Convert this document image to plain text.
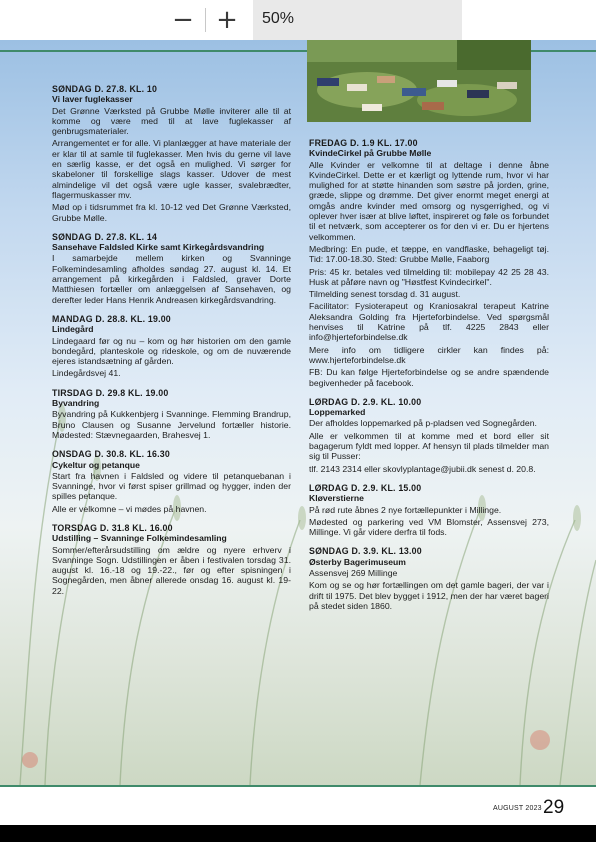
− + 50%
SØNDAG D. 27.8. KL. 10
Vi laver fuglekasser

Det Grønne Værksted på Grubbe Mølle inviterer alle til at komme og være med til at lave fuglekasser af genbrugsmaterialer.

Arrangementet er for alle. Vi planlægger at have materiale der er klar til at samle til fuglekasser. Men hvis du gerne vil lave en særlig kasse, er det også en mulighed. Vi sørger for skabeloner til forskellige slags kasser. Udover de mest almindelige vil det også være ugle kasser, svalebrædter, flagermuskasser mv.

Mød op i tidsrummet fra kl. 10-12 ved Det Grønne Værksted, Grubbe Mølle.

SØNDAG D. 27.8. KL. 14
Sansehave Faldsled Kirke samt Kirkegårdsvandring

I samarbejde mellem kirken og Svanninge Folkemindesamling afholdes søndag 27. august kl. 14. Et arrangement på kirkegården i Faldsled, graver Dorte Matthiesen fortæller om anlæggelsen af Sansehaven, og derefter leder Hans Henrik Andreasen kirkegårdsvandring.

MANDAG D. 28.8. KL. 19.00
Lindegård

Lindegaard før og nu – kom og hør historien om den gamle bondegård, planteskole og rideskole, og om de nuværende ejeres istandsætning af gården.

Lindegårdsvej 41.

TIRSDAG D. 29.8 KL. 19.00
Byvandring

Byvandring på Kukkenbjerg i Svanninge. Flemming Brandrup, Bruno Clausen og Susanne Jervelund fortæller historie. Mødested: Stævnegaarden, Brahesvej 1.

ONSDAG D. 30.8. KL. 16.30
Cykeltur og petanque

Start fra havnen i Faldsled og videre til petanquebanan i Svanninge, hvor vi først spiser grillmad og hygger, inden der spilles petanque.

Alle er velkomne – vi mødes på havnen.

TORSDAG D. 31.8 KL. 16.00
Udstilling – Svanninge Folkemindesamling

Sommer/efterårsudstilling om ældre og nyere erhverv i Svanninge Sogn. Udstillingen er åben i festivalen torsdag 31. august kl. 16.-18 og 19.-22., før og efter spisningen i Sognegården, men åbner allerede onsdag 16. august kl. 19-22.

FREDAG D. 1.9 KL. 17.00
KvindeCirkel på Grubbe Mølle

Alle Kvinder er velkomne til at deltage i denne åbne KvindeCirkel. Dette er et kærligt og lyttende rum, hvor vi har mulighed for at støtte hinanden som søstre på jorden, grine, græde, slippe og drømme. Det giver enormt meget energi at omgås andre kvinder med omsorg og nysgerrighed, og vi oplever hver især at blive løftet, inspireret og føle os forbundet til et netværk, som accepterer os for den vi er. Du er hjertens velkommen.

Medbring: En pude, et tæppe, en vandflaske, behageligt tøj. Tid: 17.00-18.30. Sted: Grubbe Mølle, Faaborg

Pris: 45 kr. betales ved tilmelding til: mobilepay 42 25 28 43. Husk at påføre navn og "Høstfest Kvindecirkel".

Tilmelding senest torsdag d. 31 august.

Facilitator: Fysioterapeut og Kraniosakral terapeut Katrine Aleksandra Golding fra Hjerteforbindelse. Ved spørgsmål henvises til Katrine på tlf. 4225 2843 eller info@hjerteforbindelse.dk

Mere info om tidligere cirkler kan findes på: www.hjerteforbindelse.dk

FB: Du kan følge Hjerteforbindelse og se andre spændende begivenheder på facebook.

LØRDAG D. 2.9. KL. 10.00
Loppemarked

Der afholdes loppemarked på p-pladsen ved Sognegården.

Alle er velkommen til at komme med et bord eller sit bagagerum fyldt med lopper. Af hensyn til plads tilmelder man sig til Pusser:

tlf. 2143 2314 eller skovlyplantage@jubii.dk senest d. 20.8.

LØRDAG D. 2.9. KL. 15.00
Kløverstierne

På rød rute åbnes 2 nye fortællepunkter i Millinge.

Mødested og parkering ved VM Blomster, Assensvej 273, Millinge. Vi går videre derfra til fods.

SØNDAG D. 3.9. KL. 13.00
Østerby Bagerimuseum

Assensvej 269 Millinge

Kom og se og hør fortællingen om det gamle bageri, der var i drift til 1975. Det blev bygget i 1912, men der har været bageri på stedet siden 1860.

AUGUST 2023 29
